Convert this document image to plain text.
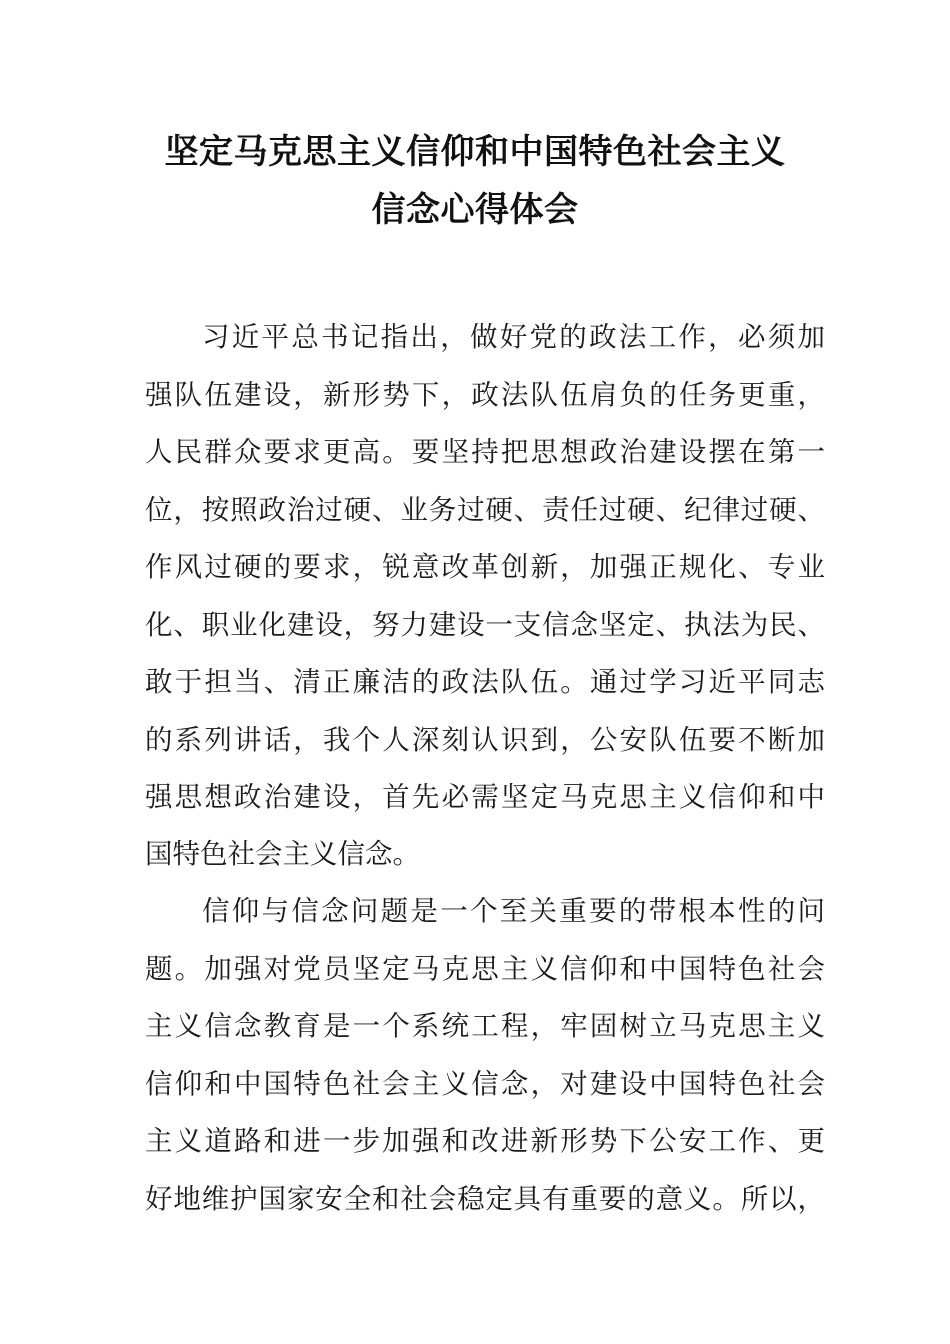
坚定马克思主义信仰和中国特色社会主义
信念心得体会
习近平总书记指出，做好党的政法工作，必须加
强队伍建设，新形势下，政法队伍肩负的任务更重，
人民群众要求更高。要坚持把思想政治建设摆在第一
位，按照政治过硬、业务过硬、责任过硬、纪律过硬、
作风过硬的要求，锐意改革创新，加强正规化、专业
化、职业化建设，努力建设一支信念坚定、执法为民、
敢于担当、清正廉洁的政法队伍。通过学习近平同志
的系列讲话，我个人深刻认识到，公安队伍要不断加
强思想政治建设，首先必需坚定马克思主义信仰和中
国特色社会主义信念。
信仰与信念问题是一个至关重要的带根本性的问
题。加强对党员坚定马克思主义信仰和中国特色社会
主义信念教育是一个系统工程，牢固树立马克思主义
信仰和中国特色社会主义信念，对建设中国特色社会
主义道路和进一步加强和改进新形势下公安工作、更
好地维护国家安全和社会稳定具有重要的意义。所以，
